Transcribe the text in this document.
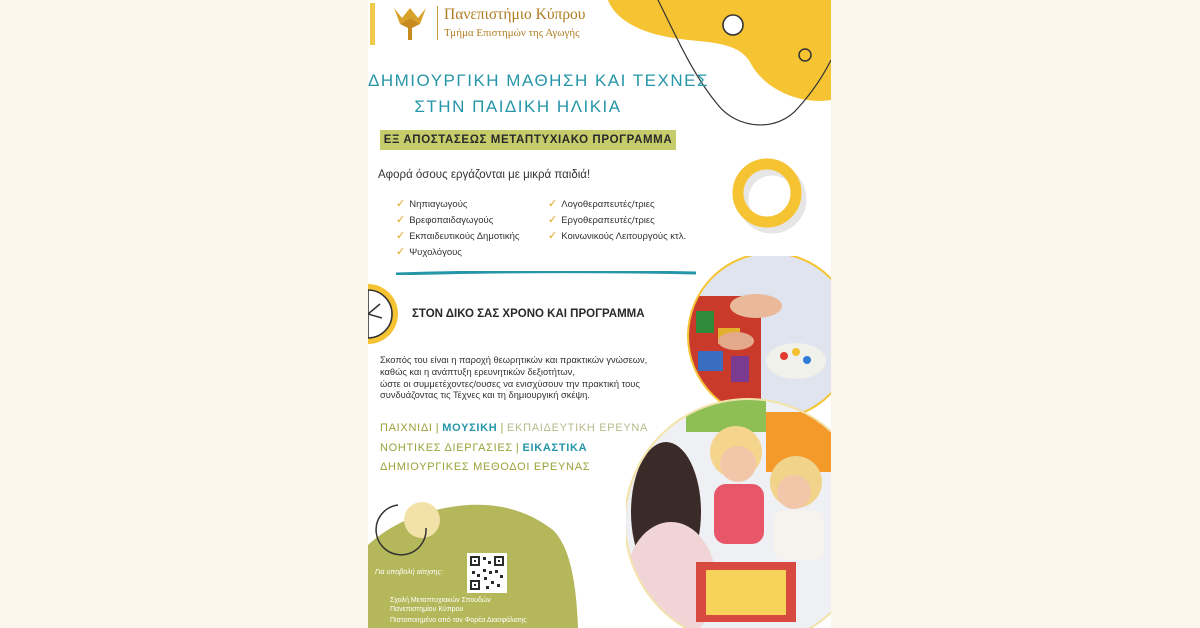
Πανεπιστήμιο Κύπρου
Τμήμα Επιστημών της Αγωγής
ΔΗΜΙΟΥΡΓΙΚΗ ΜΑΘΗΣΗ ΚΑΙ ΤΕΧΝΕΣ
ΣΤΗΝ ΠΑΙΔΙΚΗ ΗΛΙΚΙΑ
ΕΞ ΑΠΟΣΤΑΣΕΩΣ ΜΕΤΑΠΤΥΧΙΑΚΟ ΠΡΟΓΡΑΜΜΑ
Αφορά όσους εργάζονται με μικρά παιδιά!
✓ Νηπιαγωγούς
✓ Βρεφοπαιδαγωγούς
✓ Εκπαιδευτικούς Δημοτικής
✓ Ψυχολόγους
✓ Λογοθεραπευτές/τριες
✓ Εργοθεραπευτές/τριες
✓ Κοινωνικούς Λειτουργούς κτλ.
ΣΤΟΝ ΔΙΚΟ ΣΑΣ ΧΡΟΝΟ ΚΑΙ ΠΡΟΓΡΑΜΜΑ
Σκοπός του είναι η παροχή θεωρητικών και πρακτικών γνώσεων,
καθώς και η ανάπτυξη ερευνητικών δεξιοτήτων,
ώστε οι συμμετέχοντες/ουσες να ενισχύσουν την πρακτική τους
συνδυάζοντας τις Τέχνες και τη δημιουργική σκέψη.
ΠΑΙΧΝΙΔΙ | ΜΟΥΣΙΚΗ | ΕΚΠΑΙΔΕΥΤΙΚΗ ΕΡΕΥΝΑ
ΝΟΗΤΙΚΕΣ ΔΙΕΡΓΑΣΙΕΣ | ΕΙΚΑΣΤΙΚΑ
ΔΗΜΙΟΥΡΓΙΚΕΣ ΜΕΘΟΔΟΙ ΕΡΕΥΝΑΣ
Για υποβολή αίτησης:
Σχολή Μεταπτυχιακών Σπουδών
Πανεπιστημίου Κύπρου
Πιστοποιημένο από τον Φορέα Διασφάλισης
